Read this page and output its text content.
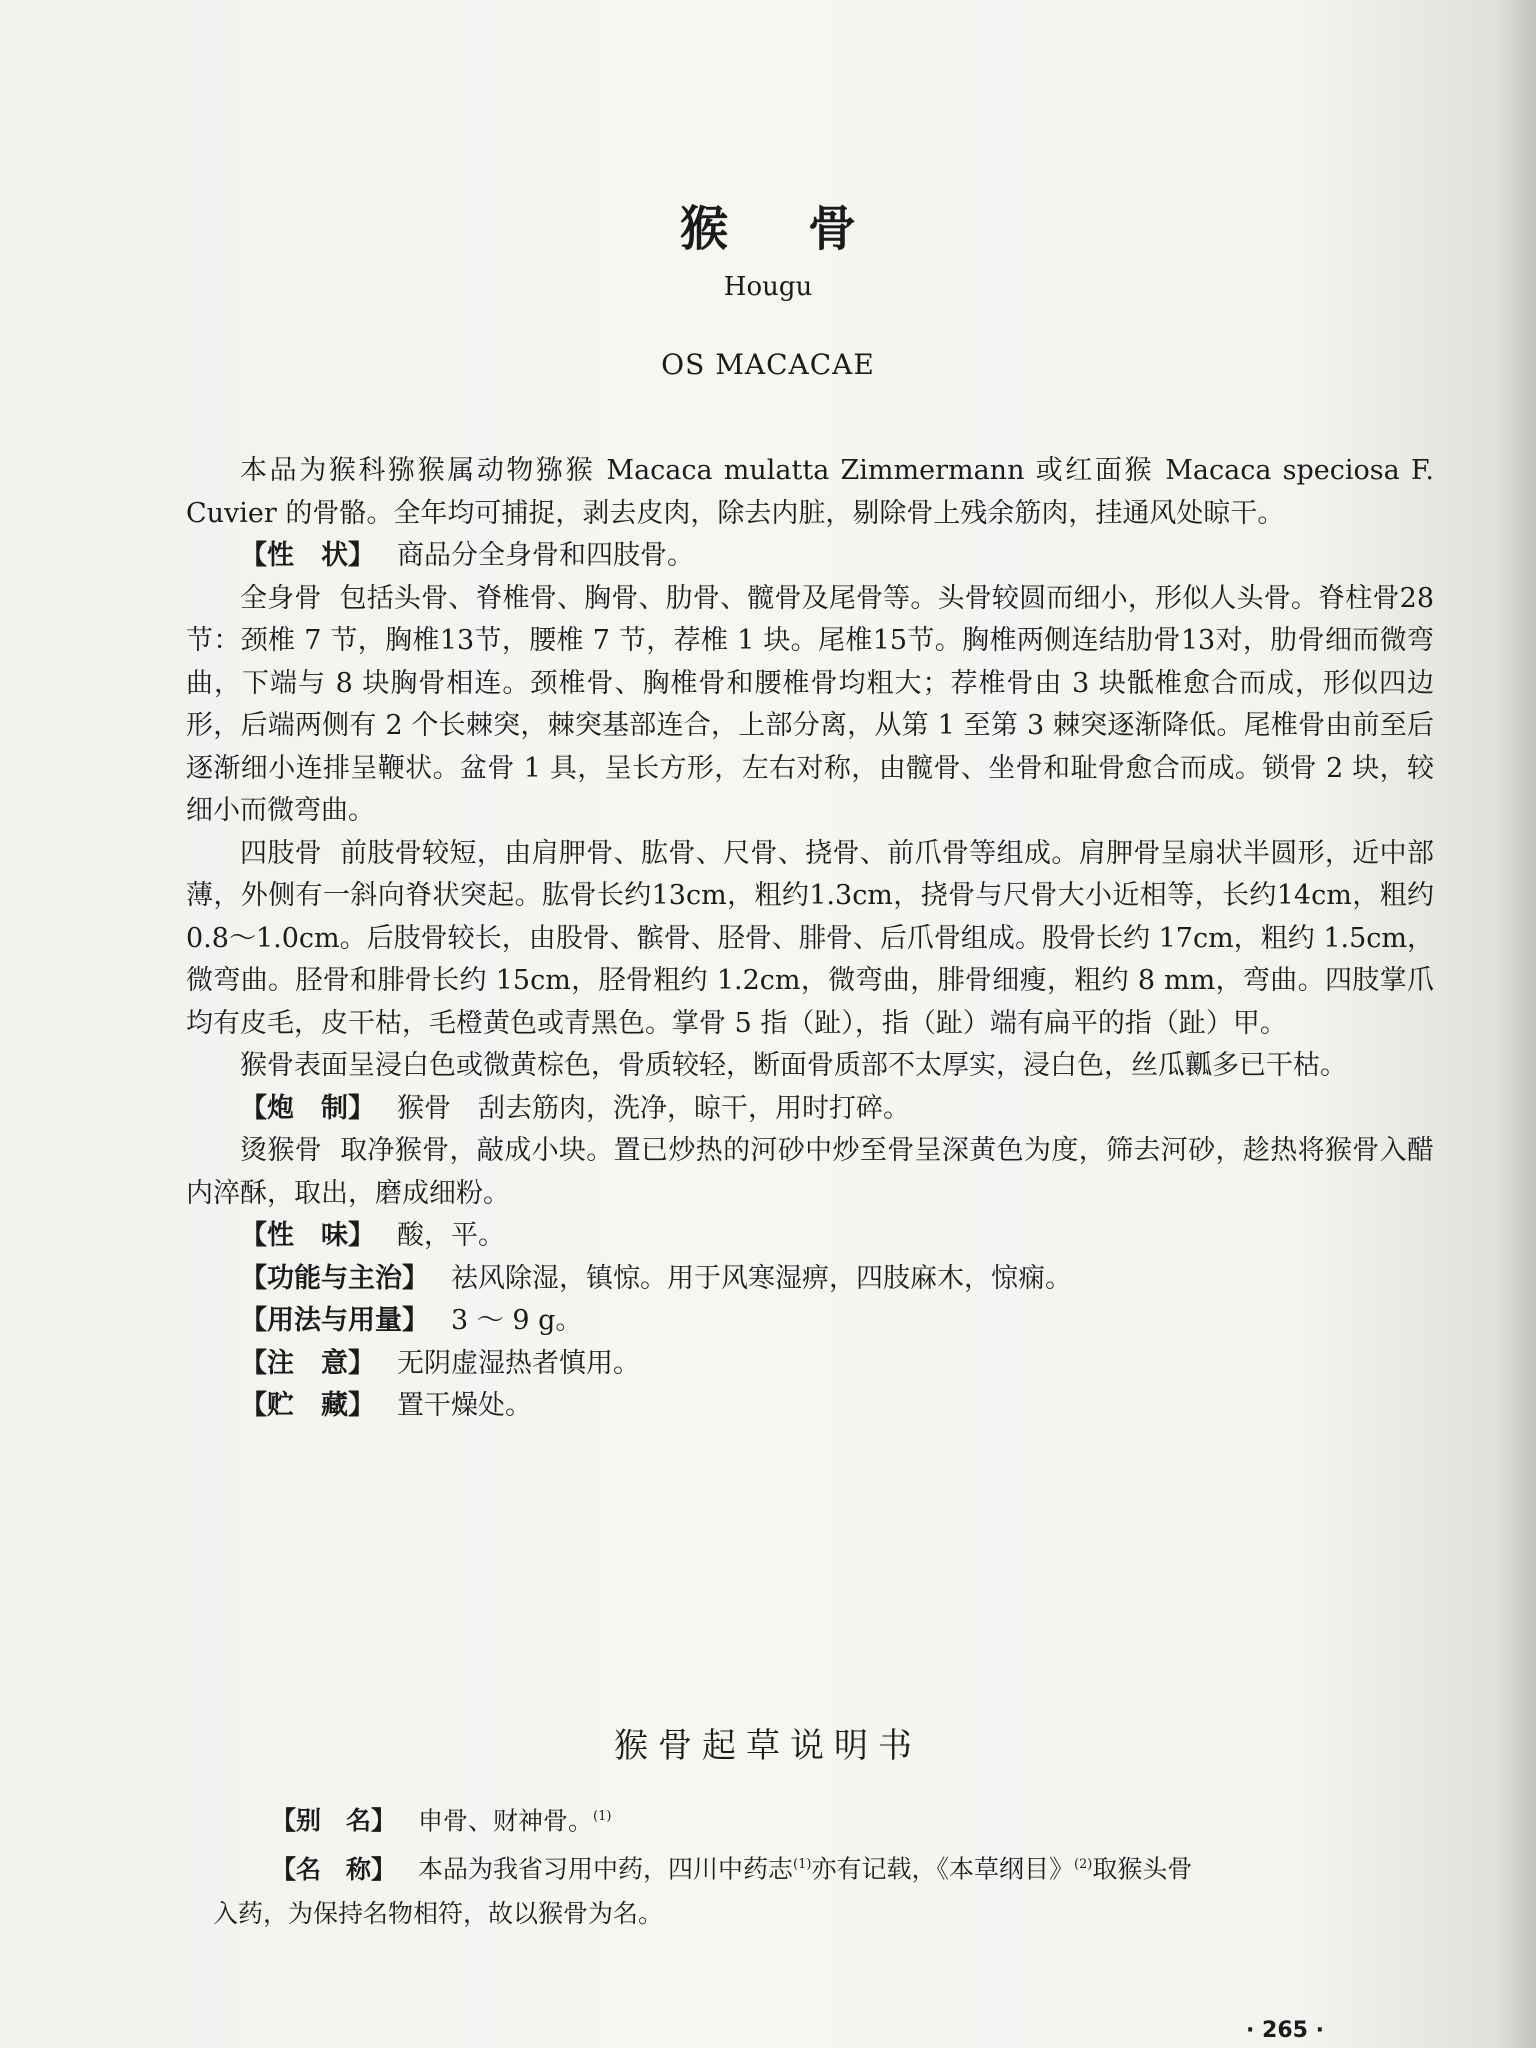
猴 骨
Hougu
OS MACACAE

本品为猴科猕猴属动物猕猴 Macaca mulatta Zimmermann 或红面猴 Macaca speciosa F. Cuvier 的骨骼。全年均可捕捉，剥去皮肉，除去内脏，剔除骨上残余筋肉，挂通风处晾干。

【性　状】 商品分全身骨和四肢骨。

全身骨 包括头骨、脊椎骨、胸骨、肋骨、髋骨及尾骨等。头骨较圆而细小，形似人头骨。脊柱骨28节：颈椎 7 节，胸椎13节，腰椎 7 节，荐椎 1 块。尾椎15节。胸椎两侧连结肋骨13对，肋骨细而微弯曲，下端与 8 块胸骨相连。颈椎骨、胸椎骨和腰椎骨均粗大；荐椎骨由 3 块骶椎愈合而成，形似四边形，后端两侧有 2 个长棘突，棘突基部连合，上部分离，从第 1 至第 3 棘突逐渐降低。尾椎骨由前至后逐渐细小连排呈鞭状。盆骨 1 具，呈长方形，左右对称，由髋骨、坐骨和耻骨愈合而成。锁骨 2 块，较细小而微弯曲。

四肢骨 前肢骨较短，由肩胛骨、肱骨、尺骨、挠骨、前爪骨等组成。肩胛骨呈扇状半圆形，近中部薄，外侧有一斜向脊状突起。肱骨长约13cm，粗约1.3cm，挠骨与尺骨大小近相等，长约14cm，粗约0.8～1.0cm。后肢骨较长，由股骨、髌骨、胫骨、腓骨、后爪骨组成。股骨长约 17cm，粗约 1.5cm，微弯曲。胫骨和腓骨长约 15cm，胫骨粗约 1.2cm，微弯曲，腓骨细瘦，粗约 8 mm，弯曲。四肢掌爪均有皮毛，皮干枯，毛橙黄色或青黑色。掌骨 5 指（趾），指（趾）端有扁平的指（趾）甲。

猴骨表面呈浸白色或微黄棕色，骨质较轻，断面骨质部不太厚实，浸白色，丝瓜瓤多已干枯。

【炮　制】 猴骨　刮去筋肉，洗净，晾干，用时打碎。

烫猴骨 取净猴骨，敲成小块。置已炒热的河砂中炒至骨呈深黄色为度，筛去河砂，趁热将猴骨入醋内淬酥，取出，磨成细粉。

【性　味】 酸，平。

【功能与主治】 祛风除湿，镇惊。用于风寒湿痹，四肢麻木，惊痫。

【用法与用量】 3 ～ 9 g。

【注　意】 无阴虚湿热者慎用。

【贮　藏】 置干燥处。

猴骨起草说明书

【别　名】 申骨、财神骨。$^{(1)}$

【名　称】 本品为我省习用中药，四川中药志$^{(1)}$亦有记载，《本草纲目》$^{(2)}$取猴头骨

入药，为保持名物相符，故以猴骨为名。

· 265 ·
